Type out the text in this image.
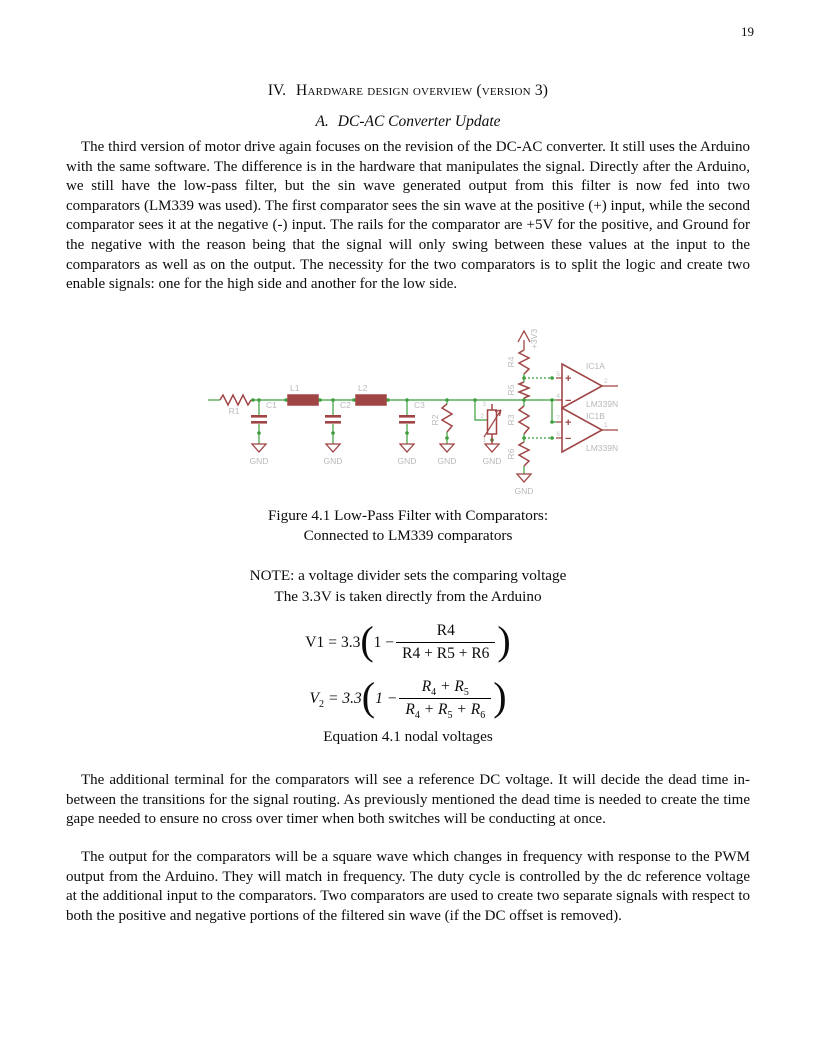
19
IV. Hardware design overview (version 3)
A. DC-AC Converter Update

The third version of motor drive again focuses on the revision of the DC-AC converter. It still uses the Arduino with the same software. The difference is in the hardware that manipulates the signal. Directly after the Arduino, we still have the low-pass filter, but the sin wave generated output from this filter is now fed into two comparators (LM339 was used). The first comparator sees the sin wave at the positive (+) input, while the second comparator sees it at the negative (-) input. The rails for the comparator are +5V for the positive, and Ground for the negative with the reason being that the signal will only swing between these values at the input to the comparators as well as on the output. The necessity for the two comparators is to split the logic and create two enable signals: one for the high side and another for the low side.

+
−
+
−
R1
C1
L1
C2
L2
C3
R2
R4
R5
R3
R6
+3V3
GND	GND	GND GND	GND
GND
IC1A
LM339N
IC1B
LM339N
5
4
7
6
2
1
3
2
1
Figure 4.1 Low-Pass Filter with Comparators:
Connected to LM339 comparators
NOTE: a voltage divider sets the comparing voltage
The 3.3V is taken directly from the Arduino
V1 = 3.3 ( $1 - \frac{R4}{R4 + R5 + R6}$ )
$V_2 = 3.3$ ( $1 - \frac{R_4 + R_5}{R_4 + R_5 + R_6}$ )
Equation 4.1 nodal voltages

The additional terminal for the comparators will see a reference DC voltage. It will decide the dead time in-between the transitions for the signal routing. As previously mentioned the dead time is needed to create the time gape needed to ensure no cross over timer when both switches will be conducting at once.

The output for the comparators will be a square wave which changes in frequency with response to the PWM output from the Arduino. They will match in frequency. The duty cycle is controlled by the dc reference voltage at the additional input to the comparators. Two comparators are used to create two separate signals with respect to both the positive and negative portions of the filtered sin wave (if the DC offset is removed).
